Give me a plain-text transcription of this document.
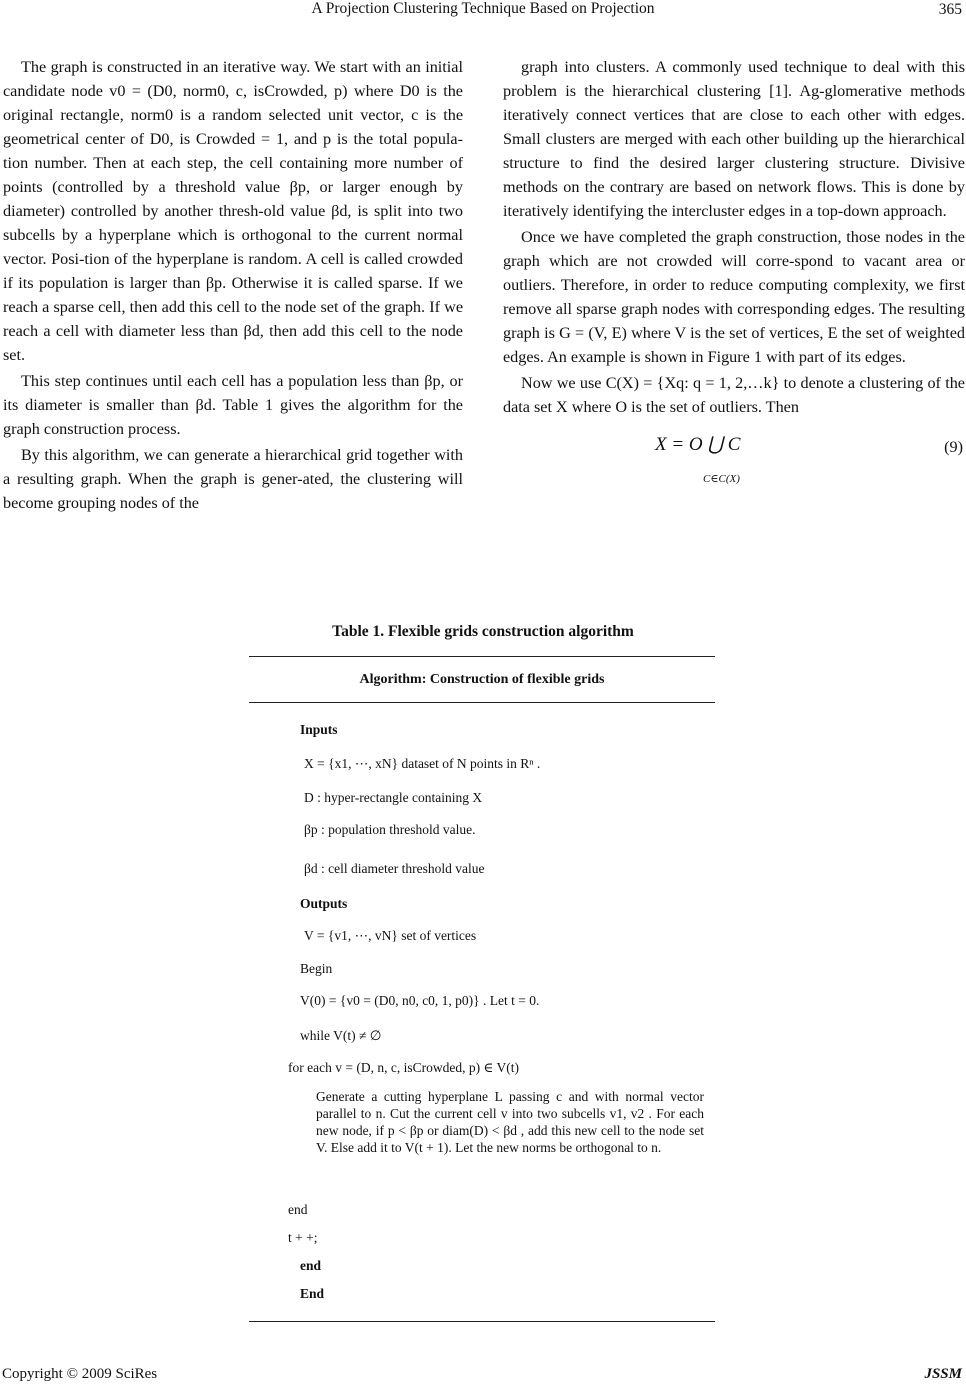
A Projection Clustering Technique Based on Projection	365

The graph is constructed in an iterative way. We start with an initial candidate node v0 = (D0, norm0, c, isCrowded, p) where D0 is the original rectangle, norm0 is a random selected unit vector, c is the geometrical center of D0, is Crowded = 1, and p is the total popula-tion number. Then at each step, the cell containing more number of points (controlled by a threshold value βp, or larger enough by diameter) controlled by another thresh-old value βd, is split into two subcells by a hyperplane which is orthogonal to the current normal vector. Posi-tion of the hyperplane is random. A cell is called crowded if its population is larger than βp. Otherwise it is called sparse. If we reach a sparse cell, then add this cell to the node set of the graph. If we reach a cell with diameter less than βd, then add this cell to the node set.

This step continues until each cell has a population less than βp, or its diameter is smaller than βd. Table 1 gives the algorithm for the graph construction process.

By this algorithm, we can generate a hierarchical grid together with a resulting graph. When the graph is gener-ated, the clustering will become grouping nodes of the

graph into clusters. A commonly used technique to deal with this problem is the hierarchical clustering [1]. Ag-glomerative methods iteratively connect vertices that are close to each other with edges. Small clusters are merged with each other building up the hierarchical structure to find the desired larger clustering structure. Divisive methods on the contrary are based on network flows. This is done by iteratively identifying the intercluster edges in a top-down approach.

Once we have completed the graph construction, those nodes in the graph which are not crowded will corre-spond to vacant area or outliers. Therefore, in order to reduce computing complexity, we first remove all sparse graph nodes with corresponding edges. The resulting graph is G = (V, E) where V is the set of vertices, E the set of weighted edges. An example is shown in Figure 1 with part of its edges.

Now we use C(X) = {Xq: q = 1, 2,…k} to denote a clustering of the data set X where O is the set of outliers. Then

X = O ⋃ C
C∈C(X)
(9)
Table 1. Flexible grids construction algorithm
Algorithm: Construction of flexible grids
Inputs
X = {x1, ⋯, xN} dataset of N points in Rⁿ .
D : hyper-rectangle containing X
βp : population threshold value.
βd : cell diameter threshold value
Outputs
V = {v1, ⋯, vN} set of vertices
Begin
V(0) = {v0 = (D0, n0, c0, 1, p0)} . Let t = 0.
while V(t) ≠ ∅
for each v = (D, n, c, isCrowded, p) ∈ V(t)
end
t + +;
end
End
Generate a cutting hyperplane L passing c and with normal vector parallel to n. Cut the current cell v into two subcells v1, v2 . For each new node, if p < βp or diam(D) < βd , add this new cell to the node set V. Else add it to V(t + 1). Let the new norms be orthogonal to n.
Copyright © 2009 SciRes	JSSM
